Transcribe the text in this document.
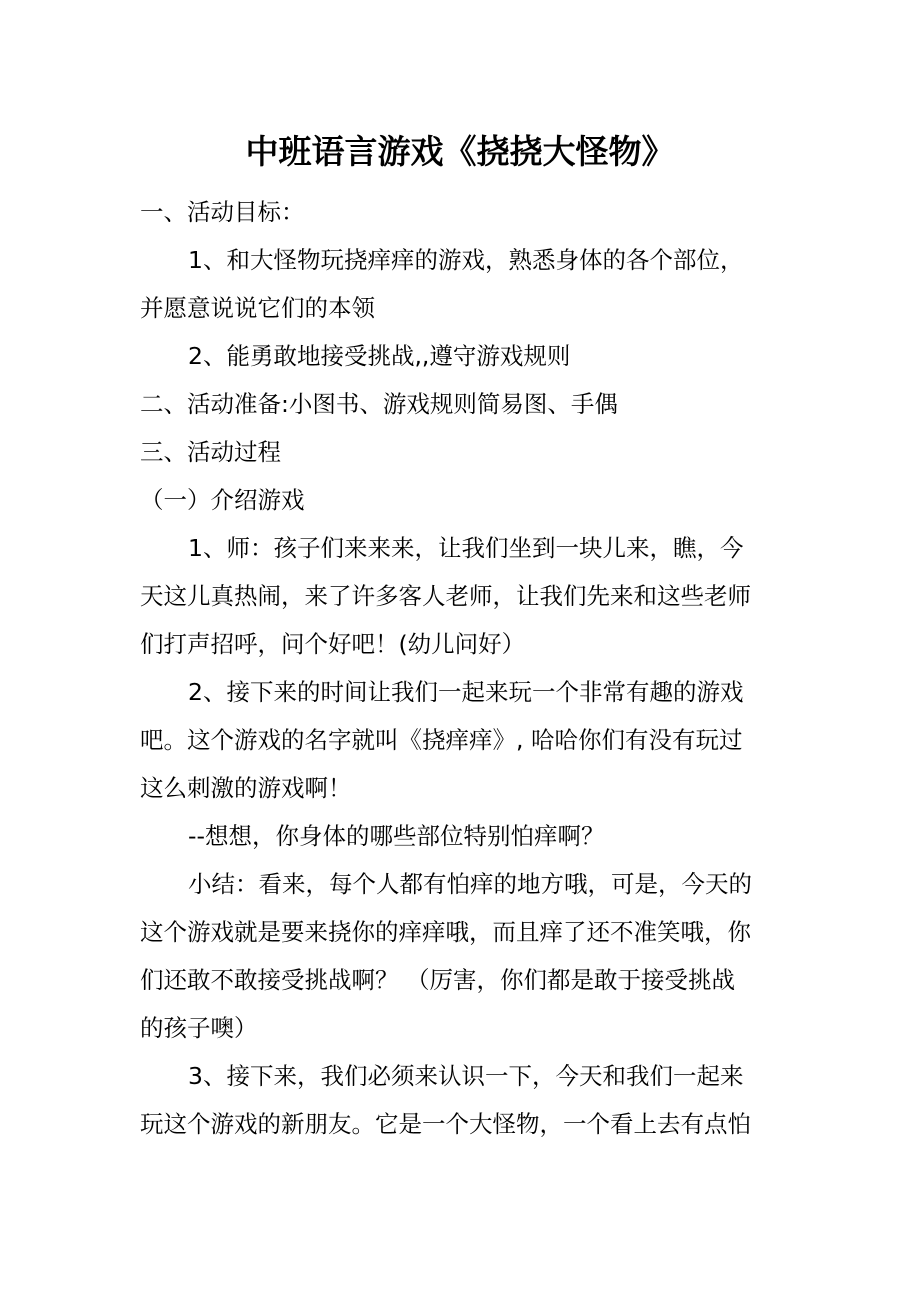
中班语言游戏《挠挠大怪物》
一、活动目标：
1、和大怪物玩挠痒痒的游戏，熟悉身体的各个部位，
并愿意说说它们的本领
2、能勇敢地接受挑战,,遵守游戏规则
二、活动准备:小图书、游戏规则简易图、手偶
三、活动过程
（一）介绍游戏
1、师：孩子们来来来，让我们坐到一块儿来，瞧，今
天这儿真热闹，来了许多客人老师，让我们先来和这些老师
们打声招呼，问个好吧！(幼儿问好）
2、接下来的时间让我们一起来玩一个非常有趣的游戏
吧。这个游戏的名字就叫《挠痒痒》, 哈哈你们有没有玩过
这么刺激的游戏啊！
--想想，你身体的哪些部位特别怕痒啊？
小结：看来，每个人都有怕痒的地方哦，可是，今天的
这个游戏就是要来挠你的痒痒哦，而且痒了还不准笑哦，你
们还敢不敢接受挑战啊？ （厉害，你们都是敢于接受挑战
的孩子噢）
3、接下来，我们必须来认识一下，今天和我们一起来
玩这个游戏的新朋友。它是一个大怪物，一个看上去有点怕
